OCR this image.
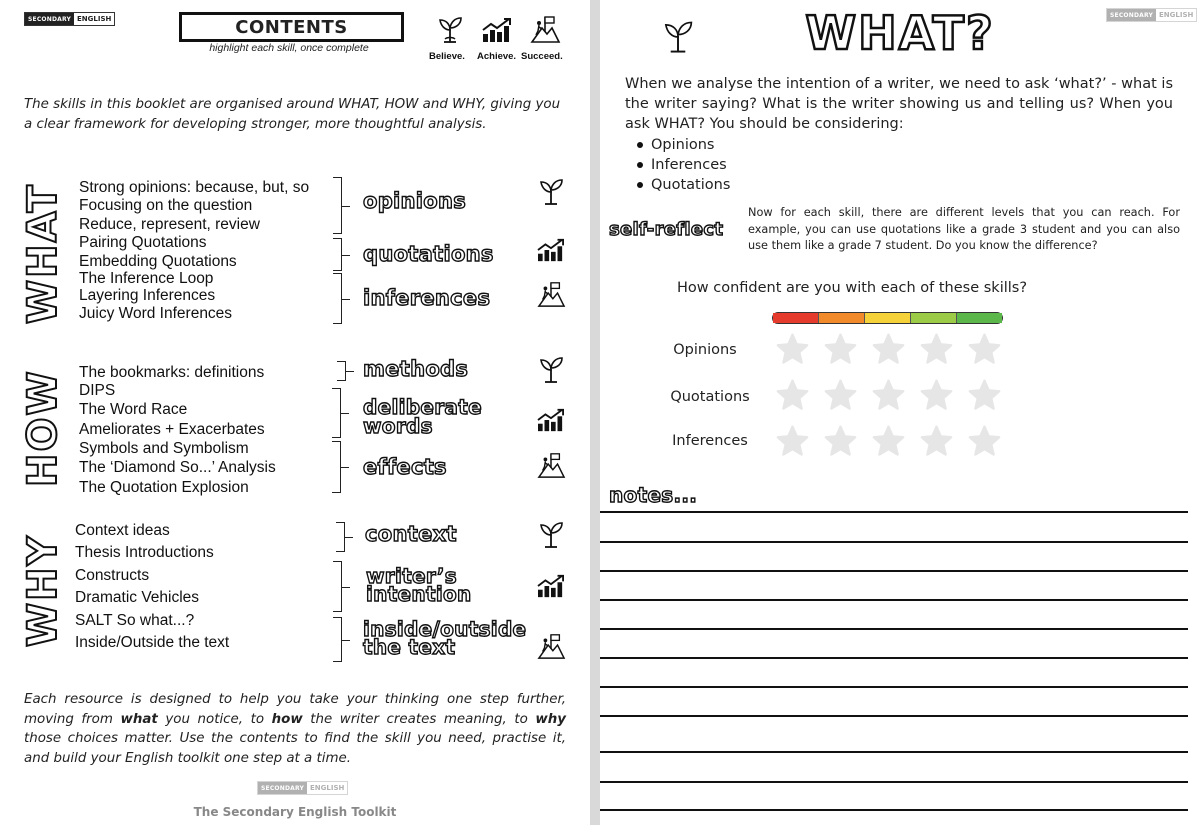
SECONDARY ENGLISH	CONTENTS
highlight each skill, once complete
Believe. Achieve. Succeed.
The skills in this booklet are organised around WHAT, HOW and WHY, giving you a clear framework for developing stronger, more thoughtful analysis.
WHAT Strong opinions: because, but, so
Focusing on the question
Reduce, represent, review
Pairing Quotations
Embedding Quotations
The Inference Loop
Layering Inferences
Juicy Word Inferences
opinions
quotations
inferences
HOW The bookmarks: definitions
DIPS
The Word Race
Ameliorates + Exacerbates
Symbols and Symbolism
The ‘Diamond So...’ Analysis
The Quotation Explosion
methods
deliberate
words
effects
WHY
Context ideas
Thesis Introductions
Constructs
Dramatic Vehicles
SALT So what...?
Inside/Outside the text
context
writer’s
intention
inside/outside
the text
Each resource is designed to help you take your thinking one step further, moving from what you notice, to how the writer creates meaning, to why those choices matter. Use the contents to find the skill you need, practise it, and build your English toolkit one step at a time.
SECONDARY ENGLISH
The Secondary English Toolkit
SECONDARY ENGLISH
WHAT?
When we analyse the intention of a writer, we need to ask ‘what?’ - what is the writer saying? What is the writer showing us and telling us? When you ask WHAT? You should be considering:
Opinions
Inferences
Quotations
self-reflect
Now for each skill, there are different levels that you can reach. For example, you can use quotations like a grade 3 student and you can also use them like a grade 7 student. Do you know the difference?
How confident are you with each of these skills?
Opinions
Quotations
Inferences
notes...
